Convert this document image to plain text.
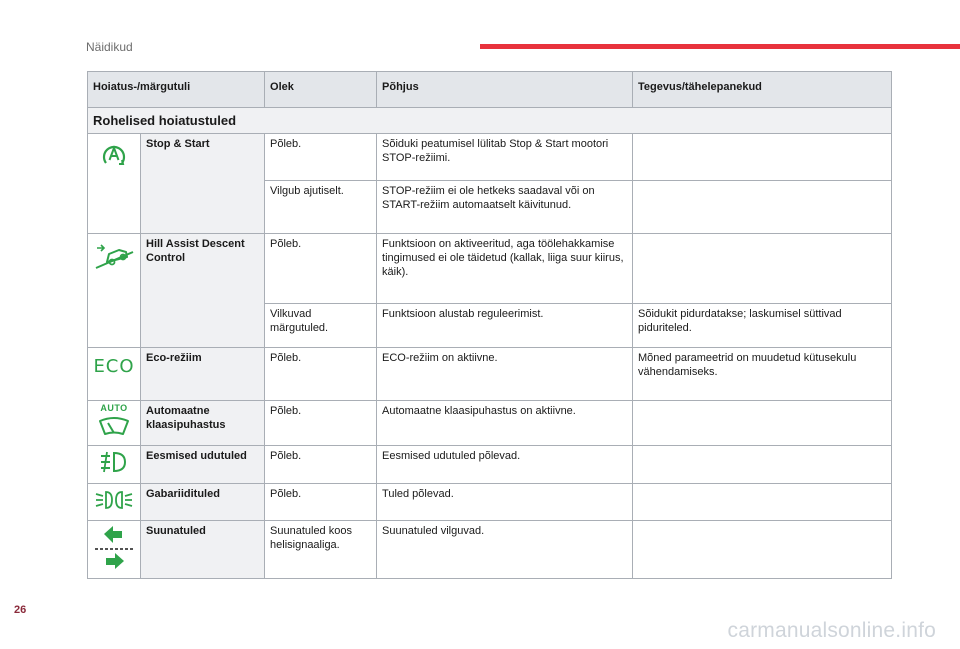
Näidikud
Hoiatus-/märgutuli		Olek	Põhjus	Tegevus/tähelepanekud
Rohelised hoiatustuled				
	Stop & Start	Põleb.	Sõiduki peatumisel lülitab Stop & Start mootori STOP-režiimi.	
		Vilgub ajutiselt.	STOP-režiim ei ole hetkeks saadaval või on START-režiim automaatselt käivitunud.	
	Hill Assist Descent Control	Põleb.	Funktsioon on aktiveeritud, aga töölehakkamise tingimused ei ole täidetud (kallak, liiga suur kiirus, käik).	
		Vilkuvad märgutuled.	Funktsioon alustab reguleerimist.	Sõidukit pidurdatakse; laskumisel süttivad piduriteled.
ECO	Eco-režiim	Põleb.	ECO-režiim on aktiivne.	Mõned parameetrid on muudetud kütusekulu vähendamiseks.

AUTO	Automaatne klaasipuhastus	Põleb.	Automaatne klaasipuhastus on aktiivne.	
	Eesmised udutuled	Põleb.	Eesmised udutuled põlevad.	
	Gabariidituled	Põleb.	Tuled põlevad.	
	Suunatuled	Suunatuled koos helisignaaliga.	Suunatuled vilguvad.	
26
carmanualsonline.info
